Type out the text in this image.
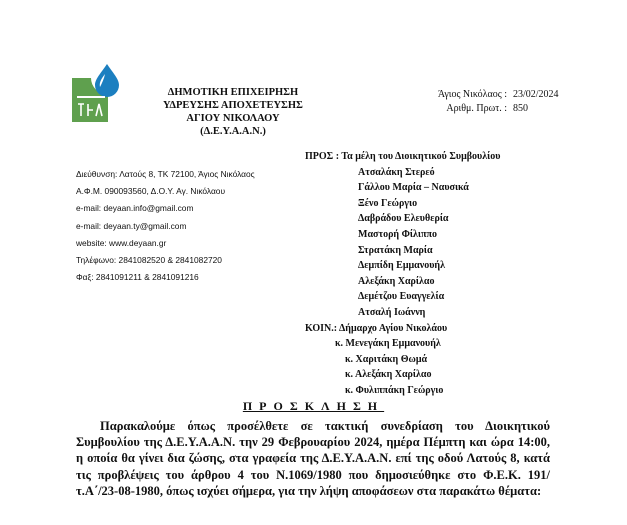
ΔΗΜΟΤΙΚΗ ΕΠΙΧΕΙΡΗΣΗ
ΥΔΡΕΥΣΗΣ ΑΠΟΧΕΤΕΥΣΗΣ
ΑΓΙΟΥ ΝΙΚΟΛΑΟΥ
(Δ.Ε.Υ.Α.Α.Ν.)
Άγιος Νικόλαος : 23/02/2024
Αριθμ. Πρωτ. : 850
Διεύθυνση: Λατούς 8, ΤΚ 72100, Άγιος Νικόλαος
Α.Φ.Μ. 090093560, Δ.Ο.Υ. Αγ. Νικόλαου
e-mail: deyaan.info@gmail.com
e-mail: deyaan.ty@gmail.com
website: www.deyaan.gr
Τηλέφωνο: 2841082520 & 2841082720
Φαξ: 2841091211 & 2841091216
ΠΡΟΣ : Τα μέλη του Διοικητικού Συμβουλίου
Ατσαλάκη Στερεό
Γάλλου Μαρία – Ναυσικά
Ξένο Γεώργιο
Δαβράδου Ελευθερία
Μαστορή Φίλιππο
Στρατάκη Μαρία
Δεμπίδη Εμμανουήλ
Αλεξάκη Χαρίλαο
Δεμέτζου Ευαγγελία
Ατσαλή Ιωάννη
ΚΟΙΝ.: Δήμαρχο Αγίου Νικολάου
κ. Μενεγάκη Εμμανουήλ
κ. Χαριτάκη Θωμά
κ. Αλεξάκη Χαρίλαο
κ. Φυλιππάκη Γεώργιο
ΠΡΟΣΚΛΗΣΗ

Παρακαλούμε όπως προσέλθετε σε τακτική συνεδρίαση του Διοικητικού Συμβουλίου της Δ.Ε.Υ.Α.Α.Ν. την 29 Φεβρουαρίου 2024, ημέρα Πέμπτη και ώρα 14:00, η οποία θα γίνει δια ζώσης, στα γραφεία της Δ.Ε.Υ.Α.Α.Ν. επί της οδού Λατούς 8, κατά τις προβλέψεις του άρθρου 4 του Ν.1069/1980 που δημοσιεύθηκε στο Φ.Ε.Κ. 191/τ.Α΄/23-08-1980, όπως ισχύει σήμερα, για την λήψη αποφάσεων στα παρακάτω θέματα:
